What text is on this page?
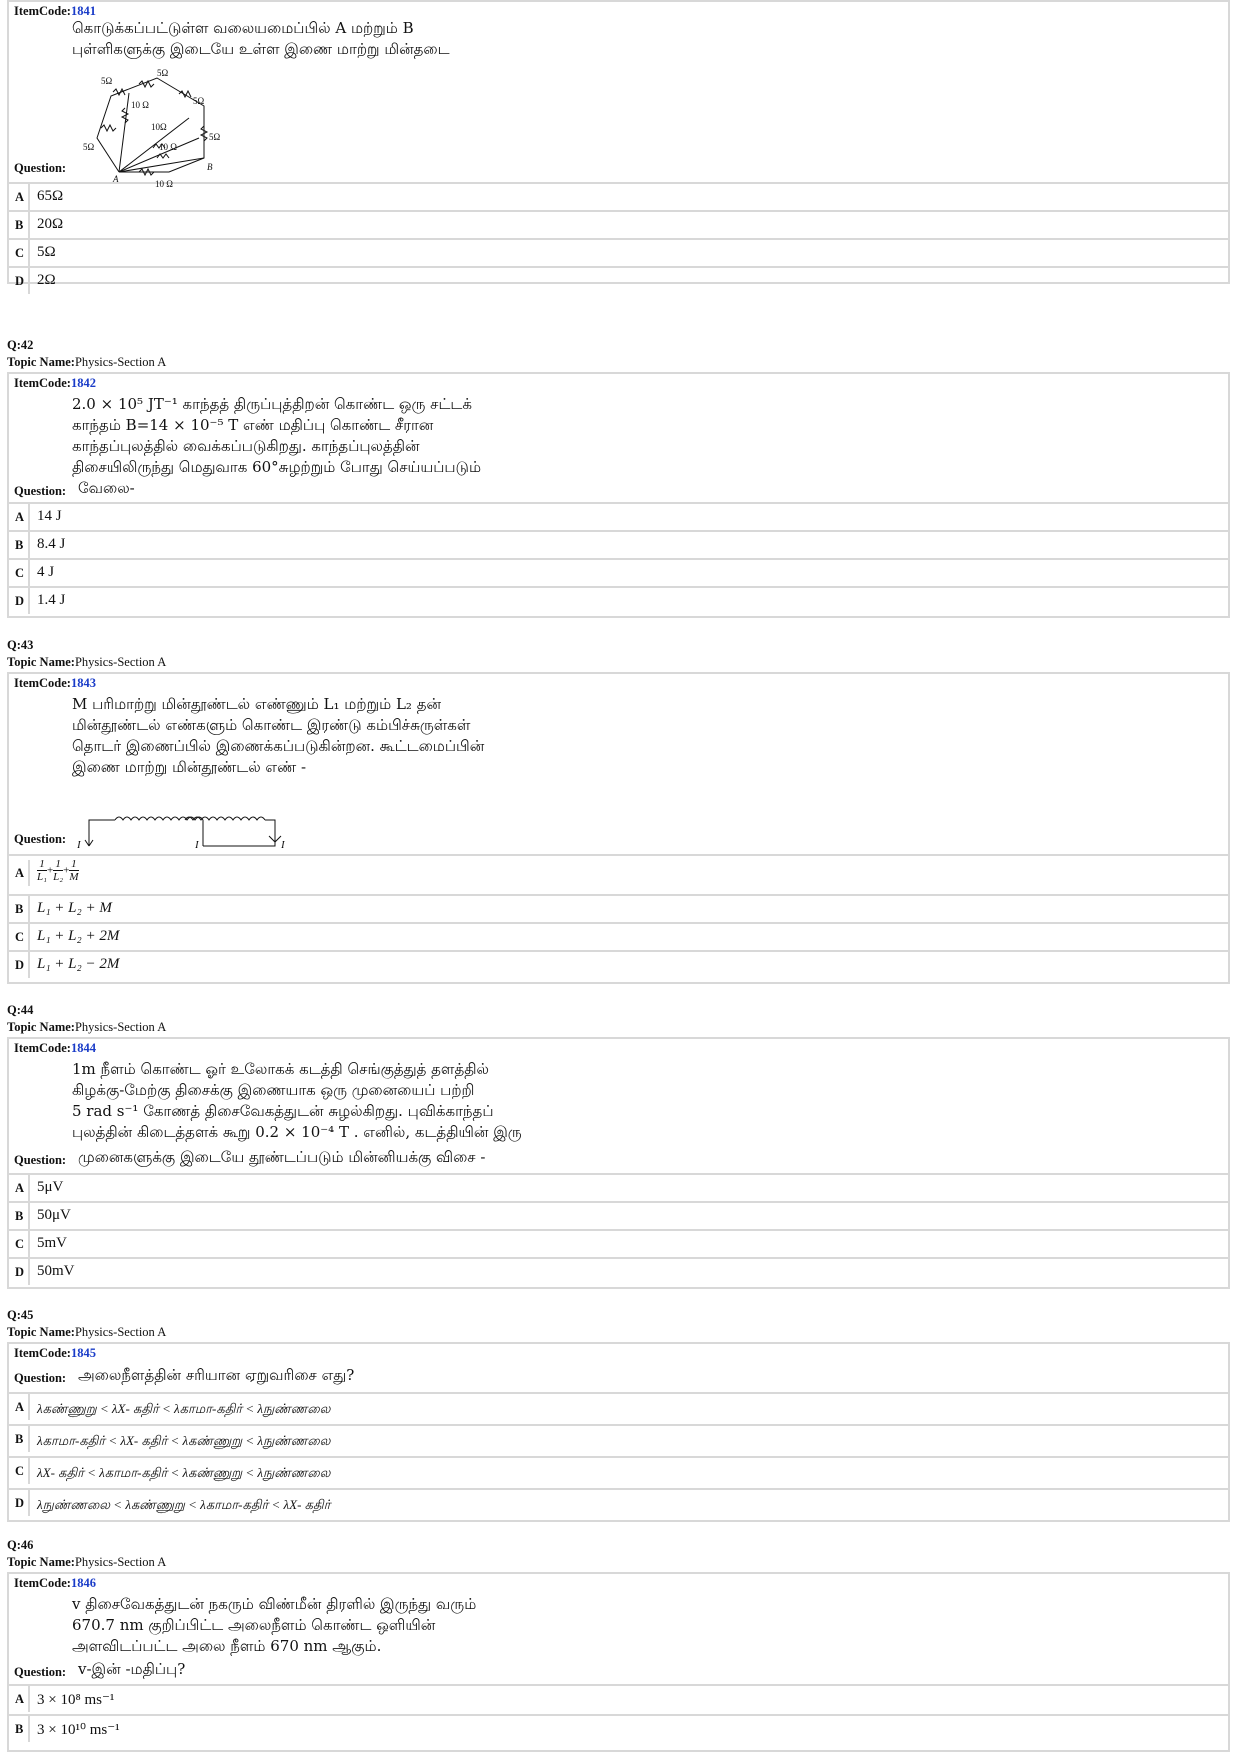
ItemCode:1841
கொடுக்கப்பட்டுள்ள வலையமைப்பில் A மற்றும் B
புள்ளிகளுக்கு இடையே உள்ள இணை மாற்று மின்தடை
5Ω
5Ω
10 Ω	5Ω
10Ω
5Ω
10 Ω
5Ω
10 Ω
A
B
Question:
A 65Ω
B 20Ω
C 5Ω
D 2Ω
Q:42
Topic Name:Physics-Section A
ItemCode:1842
2.0 × 10⁵ JT⁻¹ காந்தத் திருப்புத்திறன் கொண்ட ஒரு சட்டக்
காந்தம் B=14 × 10⁻⁵ T எண் மதிப்பு கொண்ட சீரான
காந்தப்புலத்தில் வைக்கப்படுகிறது. காந்தப்புலத்தின்
திசையிலிருந்து மெதுவாக 60°சுழற்றும் போது செய்யப்படும்
Question: வேலை-
A 14 J
B 8.4 J
C 4 J
D 1.4 J
Q:43
Topic Name:Physics-Section A
ItemCode:1843
M பரிமாற்று மின்தூண்டல் எண்ணும் L₁ மற்றும் L₂ தன்
மின்தூண்டல் எண்களும் கொண்ட இரண்டு கம்பிச்சுருள்கள்
தொடர் இணைப்பில் இணைக்கப்படுகின்றன. கூட்டமைப்பின்
இணை மாற்று மின்தூண்டல் எண் -
I	I	I
Question:
A $\frac{1}{\text{L₁}} + \frac{1}{\text{L₂}} + \frac{1}{M}$
B L₁ + L₂ + M
C L₁ + L₂ + 2M
D L₁ + L₂ − 2M
Q:44
Topic Name:Physics-Section A
ItemCode:1844
1m நீளம் கொண்ட ஓர் உலோகக் கடத்தி செங்குத்துத் தளத்தில்
கிழக்கு-மேற்கு திசைக்கு இணையாக ஒரு முனையைப் பற்றி
5 rad s⁻¹ கோணத் திசைவேகத்துடன் சுழல்கிறது. புவிக்காந்தப்
புலத்தின் கிடைத்தளக் கூறு 0.2 × 10⁻⁴ T . எனில், கடத்தியின் இரு
Question: முனைகளுக்கு இடையே தூண்டப்படும் மின்னியக்கு விசை -
A 5μV
B 50μV
C 5mV
D 50mV
Q:45
Topic Name:Physics-Section A
ItemCode:1845
Question: அலைநீளத்தின் சரியான ஏறுவரிசை எது?
A λகண்ணுறு < λX- கதிர் < λகாமா-கதிர் < λநுண்ணலை
B λகாமா-கதிர் < λX- கதிர் < λகண்ணுறு < λநுண்ணலை
C λX- கதிர் < λகாமா-கதிர் < λகண்ணுறு < λநுண்ணலை
D λநுண்ணலை < λகண்ணுறு < λகாமா-கதிர் < λX- கதிர்
Q:46
Topic Name:Physics-Section A
ItemCode:1846
v திசைவேகத்துடன் நகரும் விண்மீன் திரளில் இருந்து வரும்
670.7 nm குறிப்பிட்ட அலைநீளம் கொண்ட ஒளியின்
அளவிடப்பட்ட அலை நீளம் 670 nm ஆகும்.
Question: v-இன் -மதிப்பு?
A 3 × 10⁸ ms⁻¹
B 3 × 10¹⁰ ms⁻¹
